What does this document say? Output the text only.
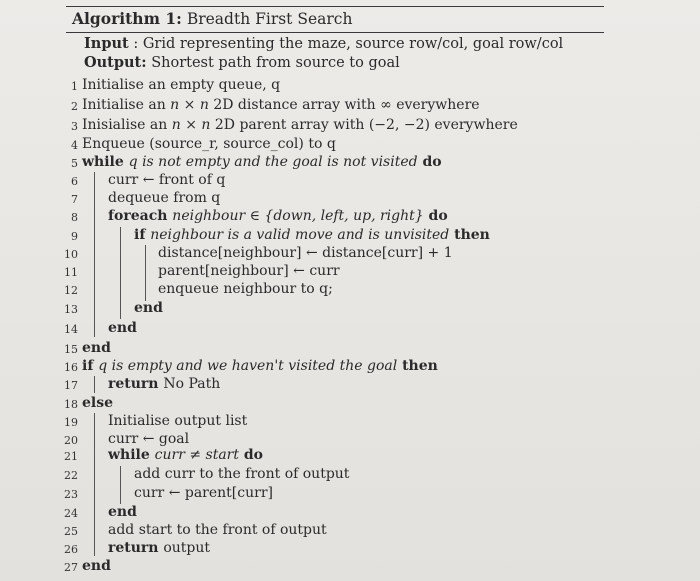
Algorithm 1: Breadth First Search
Input : Grid representing the maze, source row/col, goal row/col
Output: Shortest path from source to goal
1 Initialise an empty queue, q
2 Initialise an n × n 2D distance array with ∞ everywhere
3 Inisialise an n × n 2D parent array with (−2, −2) everywhere
4 Enqueue (source_r, source_col) to q
5 while q is not empty and the goal is not visited do
6 curr ← front of q
7 dequeue from q
8 foreach neighbour ∈ {down, left, up, right} do
9	if neighbour is a valid move and is unvisited then
10	distance[neighbour] ← distance[curr] + 1
11	parent[neighbour] ← curr
12	enqueue neighbour to q;
13	end
14 end
15 end
16 if q is empty and we haven't visited the goal then
17 return No Path
18 else
19 Initialise output list
20 curr ← goal
21 while curr ≠ start do
22	add curr to the front of output
23	curr ← parent[curr]
24 end
25 add start to the front of output
26 return output
27 end
